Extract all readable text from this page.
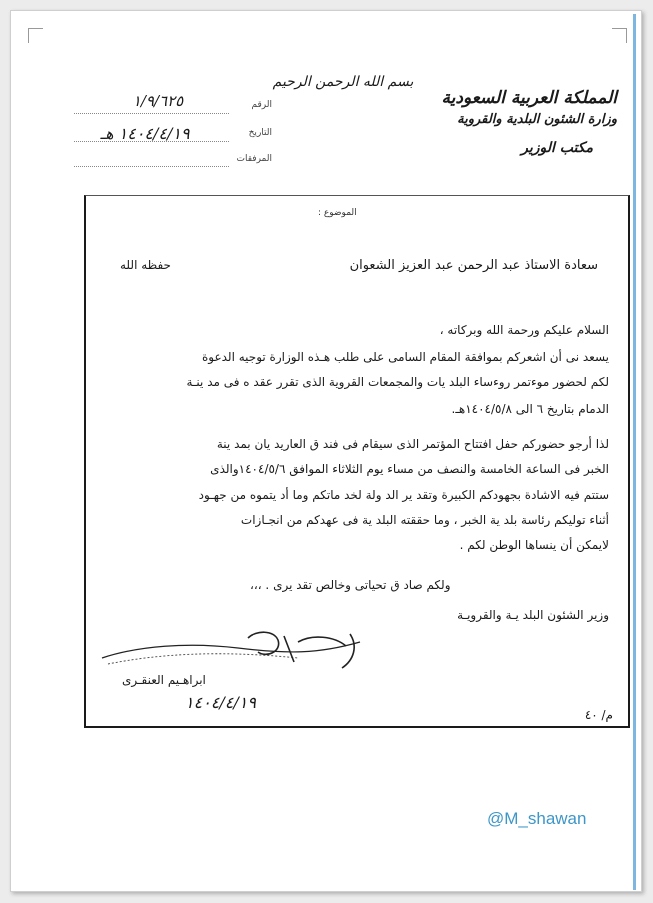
بسم الله الرحمن الرحيم
المملكة العربية السعودية
وزارة الشئون البلدية والقروية
مكتب الوزير
الرقم
التاريخ
المرفقات
١/٩/٦٢٥
١٤٠٤/٤/١٩ هـ
الموضوع :
سعادة الاستاذ عبد الرحمن عبد العزيز الشعوان
حفظه الله
السلام عليكم ورحمة الله وبركاته ،
يسعد نى أن اشعركم بموافقة المقام السامى على طلب هـذه الوزارة توجيه الدعوة
لكم لحضور موءتمر روءساء البلد يات والمجمعات القروية الذى تقرر عقد ه فى مد ينـة
الدمام بتاريخ ٦ الى ١٤٠٤/٥/٨هـ.
لذا أرجو حضوركم حفل افتتاح المؤتمر الذى سيقام فى فند ق العاريد يان بمد ينة
الخبر فى الساعة الخامسة والنصف من مساء يوم الثلاثاء الموافق ١٤٠٤/٥/٦والذى
ستتم فيه الاشادة بجهودكم الكبيرة وتقد ير الد ولة لخد ماتكم وما أد يتموه من جهـود
أثناء توليكم رئاسة بلد ية الخبر ، وما حققته البلد ية فى عهدكم من انجـازات
لايمكن أن ينساها الوطن لكم .
ولكم صاد ق تحياتى وخالص تقد يرى . ،،،
وزير الشئون البلد يـة والقرويـة
ابراهـيم العنقـرى
١٤٠٤/٤/١٩
م/ ٤٠
@M_shawan
